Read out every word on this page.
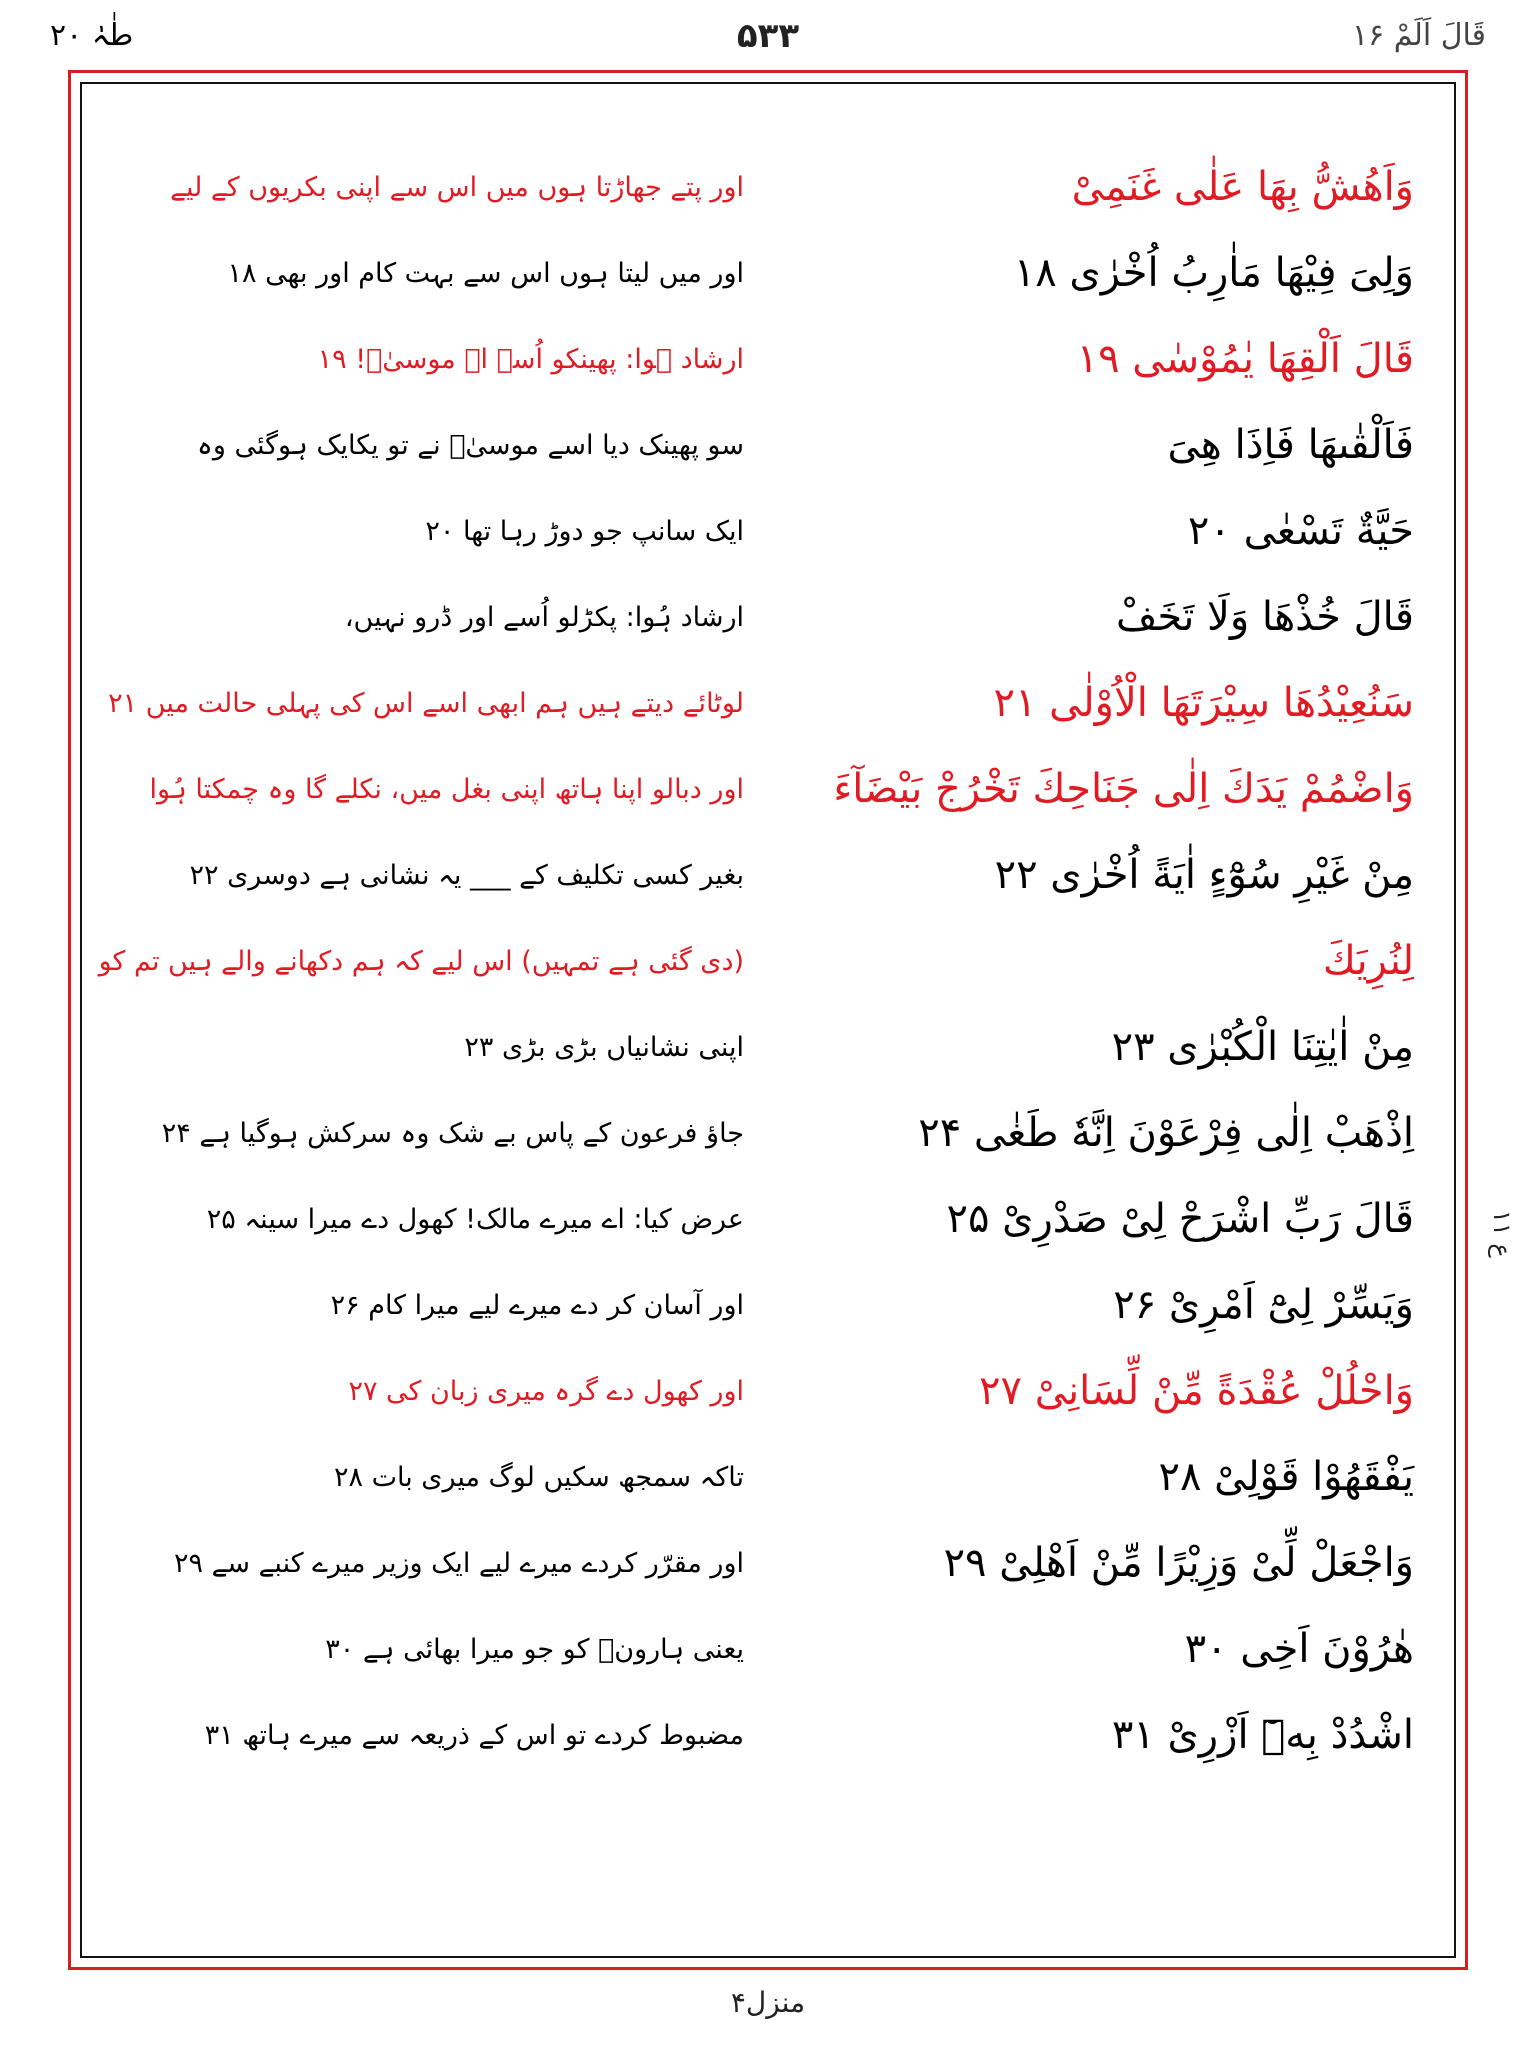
طٰہٰ ۲۰	۵۳۳	قَالَ اَلَمْ ۱۶
ع ۱۱
وَاَهُشُّ بِهَا عَلٰى غَنَمِیْ
اور پتے جھاڑتا ہوں میں اس سے اپنی بکریوں کے لیے
وَلِیَ فِیْهَا مَاٰرِبُ اُخْرٰى ۱۸
اور میں لیتا ہوں اس سے بہت کام اور بھی ۱۸
قَالَ اَلْقِهَا یٰمُوْسٰى ۱۹
ارشاد ہوا: پھینکو اُسے اے موسیٰؑ! ۱۹
فَاَلْقٰىهَا فَاِذَا هِیَ
سو پھینک دیا اسے موسیٰؑ نے تو یکایک ہوگئی وہ
حَیَّةٌ تَسْعٰى ۲۰
ایک سانپ جو دوڑ رہا تھا ۲۰
قَالَ خُذْهَا وَلَا تَخَفْ
ارشاد ہُوا: پکڑلو اُسے اور ڈرو نہیں،
سَنُعِیْدُهَا سِیْرَتَهَا الْاُوْلٰى ۲۱
لوٹائے دیتے ہیں ہم ابھی اسے اس کی پہلی حالت میں ۲۱
وَاضْمُمْ یَدَكَ اِلٰى جَنَاحِكَ تَخْرُجْ بَیْضَآءَ
اور دبالو اپنا ہاتھ اپنی بغل میں، نکلے گا وہ چمکتا ہُوا
مِنْ غَیْرِ سُوْٓءٍ اٰیَةً اُخْرٰى ۲۲
بغیر کسی تکلیف کے ___ یہ نشانی ہے دوسری ۲۲
لِنُرِیَكَ
(دی گئی ہے تمہیں) اس لیے کہ ہم دکھانے والے ہیں تم کو
مِنْ اٰیٰتِنَا الْكُبْرٰى ۲۳
اپنی نشانیاں بڑی بڑی ۲۳
اِذْهَبْ اِلٰى فِرْعَوْنَ اِنَّهٗ طَغٰى ۲۴
جاؤ فرعون کے پاس بے شک وہ سرکش ہوگیا ہے ۲۴
قَالَ رَبِّ اشْرَحْ لِیْ صَدْرِیْ ۲۵
عرض کیا: اے میرے مالک! کھول دے میرا سینہ ۲۵
وَیَسِّرْ لِیْٓ اَمْرِیْ ۲۶
اور آسان کر دے میرے لیے میرا کام ۲۶
وَاحْلُلْ عُقْدَةً مِّنْ لِّسَانِیْ ۲۷
اور کھول دے گرہ میری زبان کی ۲۷
یَفْقَهُوْا قَوْلِیْ ۲۸
تاکہ سمجھ سکیں لوگ میری بات ۲۸
وَاجْعَلْ لِّیْ وَزِیْرًا مِّنْ اَهْلِیْ ۲۹
اور مقرّر کردے میرے لیے ایک وزیر میرے کنبے سے ۲۹
هٰرُوْنَ اَخِی ۳۰
یعنی ہارونؑ کو جو میرا بھائی ہے ۳۰
اشْدُدْ بِهٖٓ اَزْرِیْ ۳۱
مضبوط کردے تو اس کے ذریعہ سے میرے ہاتھ ۳۱
منزل۴
